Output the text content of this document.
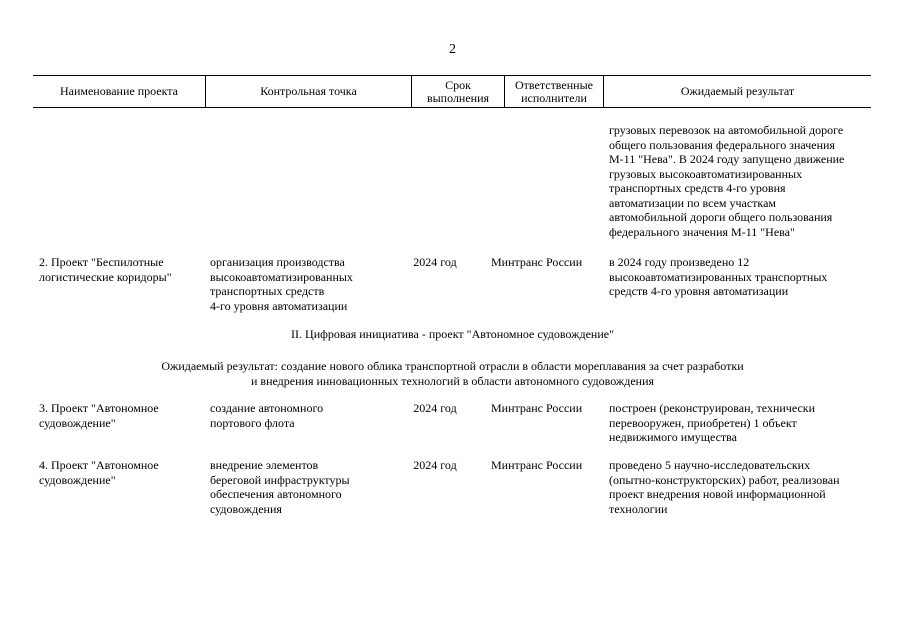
2
Наименование проекта	Контрольная точка	Срок
выполнения
Ответственные
исполнители	Ожидаемый результат
грузовых перевозок на автомобильной дороге
общего пользования федерального значения
М-11 "Нева". В 2024 году запущено движение
грузовых высокоавтоматизированных
транспортных средств 4-го уровня
автоматизации по всем участкам
автомобильной дороги общего пользования
федерального значения М-11 "Нева"
2. Проект "Беспилотные
логистические коридоры"
организация производства
высокоавтоматизированных
транспортных средств
4-го уровня автоматизации
2024 год	Минтранс России в 2024 году произведено 12
высокоавтоматизированных транспортных
средств 4-го уровня автоматизации
II. Цифровая инициатива - проект "Автономное судовождение"
Ожидаемый результат: создание нового облика транспортной отрасли в области мореплавания за счет разработки
и внедрения инновационных технологий в области автономного судовождения
3. Проект "Автономное
судовождение"
создание автономного
портового флота
2024 год	Минтранс России построен (реконструирован, технически
перевооружен, приобретен) 1 объект
недвижимого имущества
4. Проект "Автономное
судовождение"
внедрение элементов
береговой инфраструктуры
обеспечения автономного
судовождения
2024 год	Минтранс России проведено 5 научно-исследовательских
(опытно-конструкторских) работ, реализован
проект внедрения новой информационной
технологии
